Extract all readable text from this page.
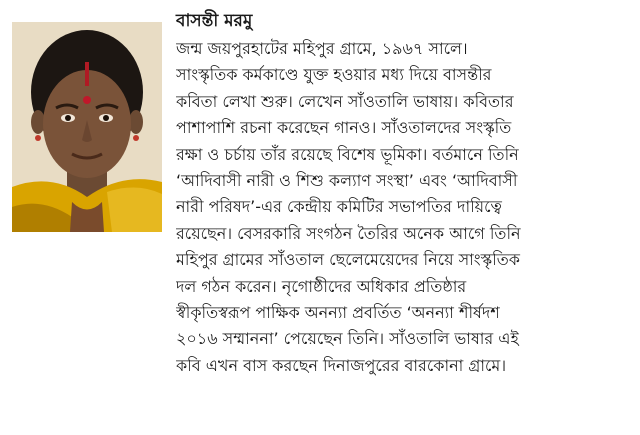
বাসন্তী মরমু
জন্ম জয়পুরহাটের মহিপুর গ্রামে, ১৯৬৭ সালে।
সাংস্কৃতিক কর্মকাণ্ডে যুক্ত হওয়ার মধ্য দিয়ে বাসন্তীর
কবিতা লেখা শুরু। লেখেন সাঁওতালি ভাষায়। কবিতার
পাশাপাশি রচনা করেছেন গানও। সাঁওতালদের সংস্কৃতি
রক্ষা ও চর্চায় তাঁর রয়েছে বিশেষ ভূমিকা। বর্তমানে তিনি
‘আদিবাসী নারী ও শিশু কল্যাণ সংস্থা’ এবং ‘আদিবাসী
নারী পরিষদ’-এর কেন্দ্রীয় কমিটির সভাপতির দায়িত্বে
রয়েছেন। বেসরকারি সংগঠন তৈরির অনেক আগে তিনি
মহিপুর গ্রামের সাঁওতাল ছেলেমেয়েদের নিয়ে সাংস্কৃতিক
দল গঠন করেন। নৃগোষ্ঠীদের অধিকার প্রতিষ্ঠার
স্বীকৃতিস্বরূপ পাক্ষিক অনন্যা প্রবর্তিত ‘অনন্যা শীর্ষদশ
২০১৬ সম্মাননা’ পেয়েছেন তিনি। সাঁওতালি ভাষার এই
কবি এখন বাস করছেন দিনাজপুরের বারকোনা গ্রামে।
